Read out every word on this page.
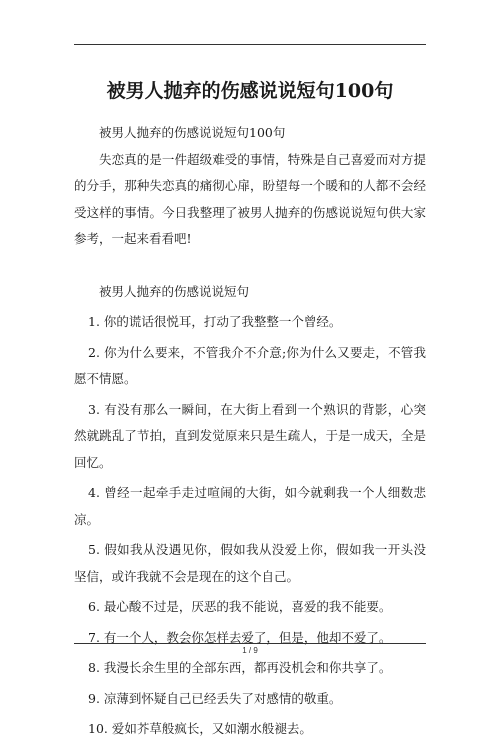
被男人抛弃的伤感说说短句100句

被男人抛弃的伤感说说短句100句

失恋真的是一件超级难受的事情，特殊是自己喜爱而对方提的分手，那种失恋真的痛彻心扉，盼望每一个暖和的人都不会经受这样的事情。今日我整理了被男人抛弃的伤感说说短句供大家参考，一起来看看吧!

被男人抛弃的伤感说说短句

1. 你的谎话很悦耳，打动了我整整一个曾经。

2. 你为什么要来，不管我介不介意;你为什么又要走，不管我愿不情愿。

3. 有没有那么一瞬间，在大街上看到一个熟识的背影，心突然就跳乱了节拍，直到发觉原来只是生疏人，于是一成天，全是回忆。

4. 曾经一起牵手走过喧闹的大街，如今就剩我一个人细数悲凉。

5. 假如我从没遇见你，假如我从没爱上你，假如我一开头没坚信，或许我就不会是现在的这个自己。

6. 最心酸不过是，厌恶的我不能说，喜爱的我不能要。

7. 有一个人，教会你怎样去爱了，但是，他却不爱了。

8. 我漫长余生里的全部东西，都再没机会和你共享了。

9. 凉薄到怀疑自己已经丢失了对感情的敬重。

10. 爱如芥草般疯长，又如潮水般褪去。

1 / 9
